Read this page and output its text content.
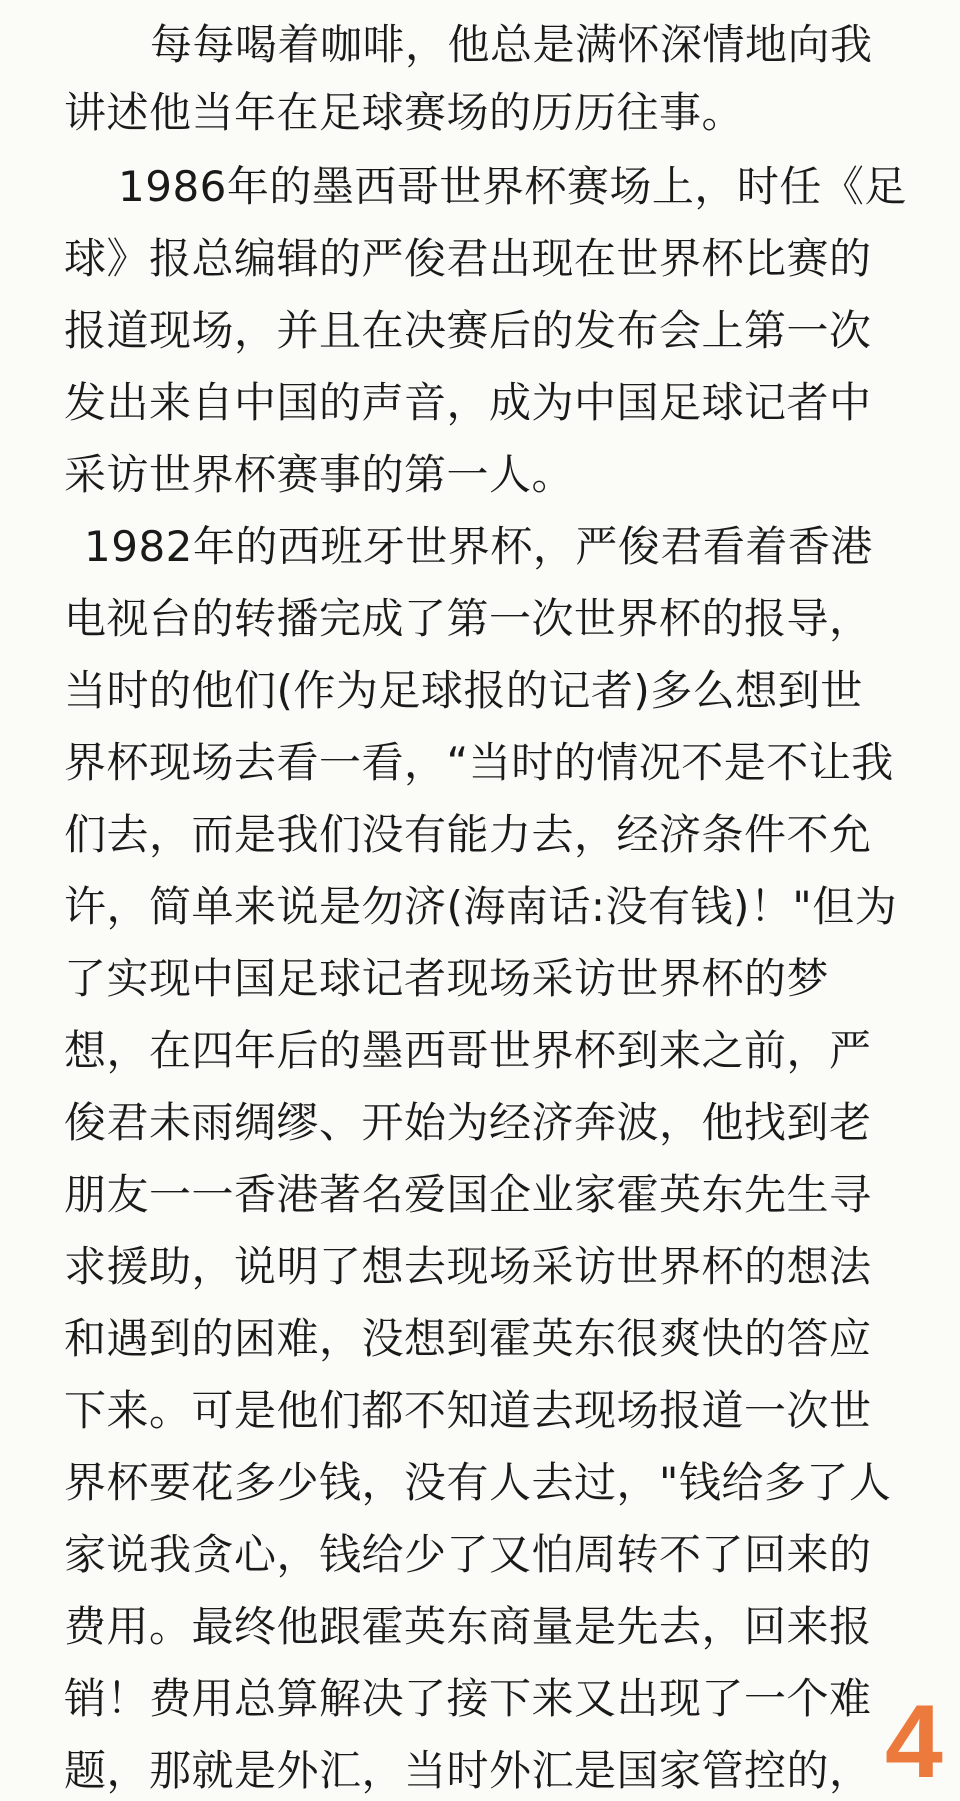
每每喝着咖啡，他总是满怀深情地向我

讲述他当年在足球赛场的历历往事。

1986年的墨西哥世界杯赛场上，时任《足

球》报总编辑的严俊君出现在世界杯比赛的

报道现场，并且在决赛后的发布会上第一次

发出来自中国的声音，成为中国足球记者中

采访世界杯赛事的第一人。

1982年的西班牙世界杯，严俊君看着香港

电视台的转播完成了第一次世界杯的报导，

当时的他们(作为足球报的记者)多么想到世

界杯现场去看一看，“当时的情况不是不让我

们去，而是我们没有能力去，经济条件不允

许，简单来说是勿济(海南话:没有钱)！"但为

了实现中国足球记者现场采访世界杯的梦

想，在四年后的墨西哥世界杯到来之前，严

俊君未雨绸缪、开始为经济奔波，他找到老

朋友一一香港著名爱国企业家霍英东先生寻

求援助，说明了想去现场采访世界杯的想法

和遇到的困难，没想到霍英东很爽快的答应

下来。可是他们都不知道去现场报道一次世

界杯要花多少钱，没有人去过，"钱给多了人

家说我贪心，钱给少了又怕周转不了回来的

费用。最终他跟霍英东商量是先去，回来报

销！费用总算解决了接下来又出现了一个难

题，那就是外汇，当时外汇是国家管控的， 4
